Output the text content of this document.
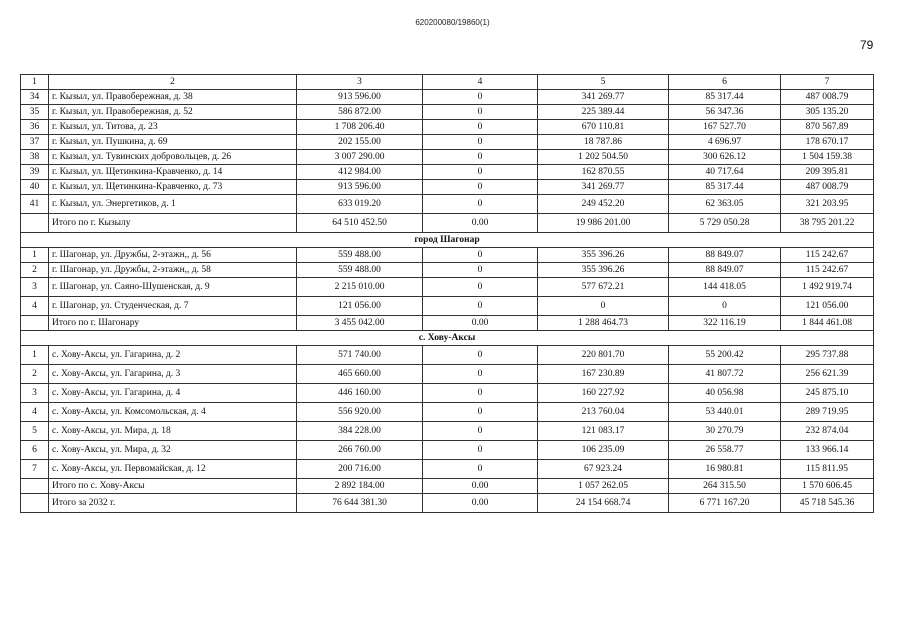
620200080/19860(1)
79
1	2	3	4	5	6	7
34	г. Кызыл, ул. Правобережная, д. 38	913 596.00	0	341 269.77	85 317.44	487 008.79
35	г. Кызыл, ул. Правобережная, д. 52	586 872.00	0	225 389.44	56 347.36	305 135.20
36	г. Кызыл, ул. Титова, д. 23	1 708 206.40	0	670 110.81	167 527.70	870 567.89
37	г. Кызыл, ул. Пушкина, д. 69	202 155.00	0	18 787.86	4 696.97	178 670.17
38	г. Кызыл, ул. Тувинских добровольцев, д. 26	3 007 290.00	0	1 202 504.50	300 626.12	1 504 159.38
39	г. Кызыл, ул. Щетинкина-Кравченко, д. 14	412 984.00	0	162 870.55	40 717.64	209 395.81
40	г. Кызыл, ул. Щетинкина-Кравченко, д. 73	913 596.00	0	341 269.77	85 317.44	487 008.79
41	г. Кызыл, ул. Энергетиков, д. 1	633 019.20	0	249 452.20	62 363.05	321 203.95
	Итого по г. Кызылу	64 510 452.50	0.00	19 986 201.00	5 729 050.28	38 795 201.22
город Шагонар						
1	г. Шагонар, ул. Дружбы, 2-этажн,, д. 56	559 488.00	0	355 396.26	88 849.07	115 242.67
2	г. Шагонар, ул. Дружбы, 2-этажн,, д. 58	559 488.00	0	355 396.26	88 849.07	115 242.67
3	г. Шагонар, ул. Саяно-Шушенская, д. 9	2 215 010.00	0	577 672.21	144 418.05	1 492 919.74
4	г. Шагонар, ул. Студенческая, д. 7	121 056.00	0	0	0	121 056.00
	Итого по г. Шагонару	3 455 042.00	0.00	1 288 464.73	322 116.19	1 844 461.08
с. Хову-Аксы						
1	с. Хову-Аксы, ул. Гагарина, д. 2	571 740.00	0	220 801.70	55 200.42	295 737.88
2	с. Хову-Аксы, ул. Гагарина, д. 3	465 660.00	0	167 230.89	41 807.72	256 621.39
3	с. Хову-Аксы, ул. Гагарина, д. 4	446 160.00	0	160 227.92	40 056.98	245 875.10
4	с. Хову-Аксы, ул. Комсомольская, д. 4	556 920.00	0	213 760.04	53 440.01	289 719.95
5	с. Хову-Аксы, ул. Мира, д. 18	384 228.00	0	121 083.17	30 270.79	232 874.04
6	с. Хову-Аксы, ул. Мира, д. 32	266 760.00	0	106 235.09	26 558.77	133 966.14
7	с. Хову-Аксы, ул. Первомайская, д. 12	200 716.00	0	67 923.24	16 980.81	115 811.95
	Итого по с. Хову-Аксы	2 892 184.00	0.00	1 057 262.05	264 315.50	1 570 606.45
	Итого за 2032 г.	76 644 381.30	0.00	24 154 668.74	6 771 167.20	45 718 545.36
